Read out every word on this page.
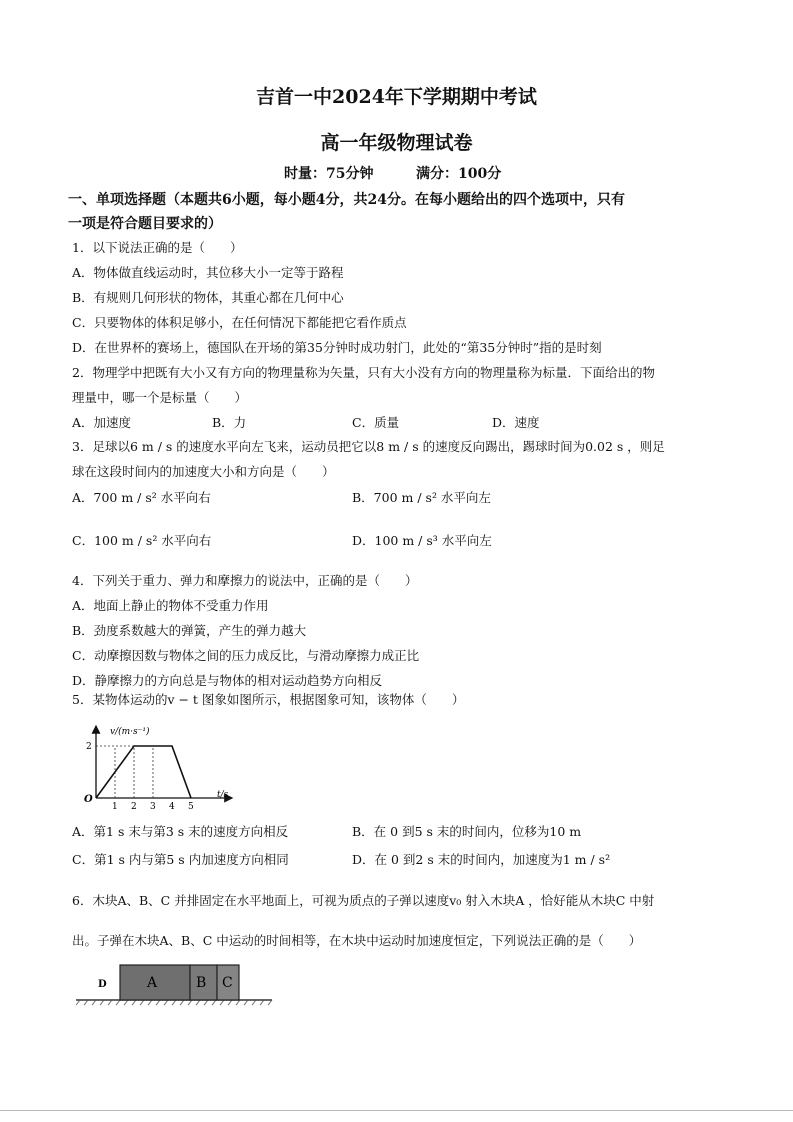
吉首一中2024年下学期期中考试
高一年级物理试卷
时量：75分钟	满分：100分
一、单项选择题（本题共6小题，每小题4分，共24分。在每小题给出的四个选项中，只有
一项是符合题目要求的）
1．以下说法正确的是（　　）
A．物体做直线运动时，其位移大小一定等于路程
B．有规则几何形状的物体，其重心都在几何中心
C．只要物体的体积足够小，在任何情况下都能把它看作质点
D．在世界杯的赛场上，德国队在开场的第35分钟时成功射门，此处的“第35分钟时”指的是时刻
2．物理学中把既有大小又有方向的物理量称为矢量，只有大小没有方向的物理量称为标量．下面给出的物
理量中，哪一个是标量（　　）
A．加速度	B．力	C．质量	D．速度
3．足球以6 m / s 的速度水平向左飞来，运动员把它以8 m / s 的速度反向踢出，踢球时间为0.02 s ，则足
球在这段时间内的加速度大小和方向是（　　）
A．700 m / s² 水平向右	B．700 m / s² 水平向左
C．100 m / s² 水平向右	D．100 m / s³ 水平向左
4．下列关于重力、弹力和摩擦力的说法中，正确的是（　　）
A．地面上静止的物体不受重力作用
B．劲度系数越大的弹簧，产生的弹力越大
C．动摩擦因数与物体之间的压力成反比，与滑动摩擦力成正比
D．静摩擦力的方向总是与物体的相对运动趋势方向相反
5．某物体运动的v − t 图象如图所示，根据图象可知，该物体（　　）
1 2 3 4 5
2
v/(m·s⁻¹)
t/s
O
A．第1 s 末与第3 s 末的速度方向相反	B．在 0 到5 s 末的时间内，位移为10 m
C．第1 s 内与第5 s 内加速度方向相同	D．在 0 到2 s 末的时间内，加速度为1 m / s²
6．木块A、B、C 并排固定在水平地面上，可视为质点的子弹以速度v₀ 射入木块A ，恰好能从木块C 中射
出。子弹在木块A、B、C 中运动的时间相等，在木块中运动时加速度恒定，下列说法正确的是（　　）
D	A	B C
